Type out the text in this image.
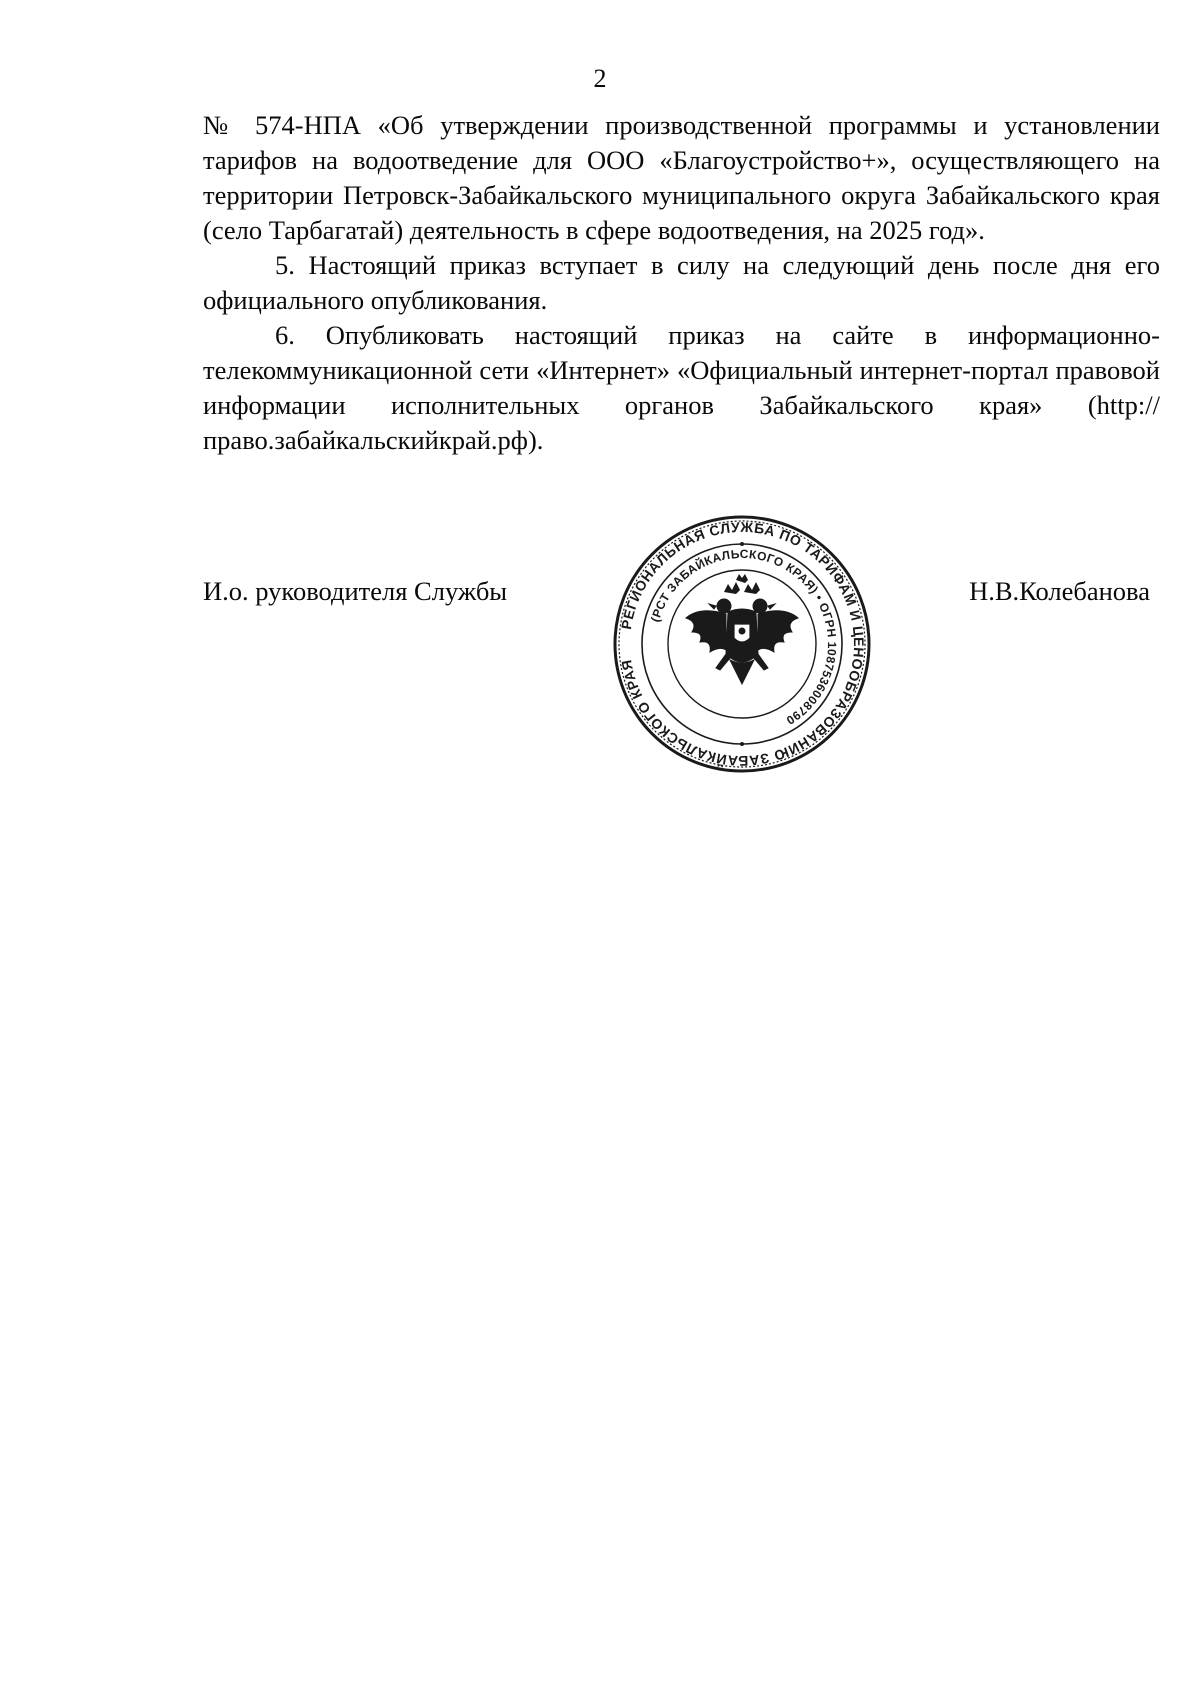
2

№ 574-НПА «Об утверждении производственной программы и установлении тарифов на водоотведение для ООО «Благоустройство+», осуществляющего на территории Петровск-Забайкальского муниципального округа Забайкальского края (село Тарбагатай) деятельность в сфере водоотведения, на 2025 год».

5. Настоящий приказ вступает в силу на следующий день после дня его официального опубликования.

6. Опубликовать настоящий приказ на сайте в информационно-телекоммуникационной сети «Интернет» «Официальный интернет-портал правовой информации исполнительных органов Забайкальского края» (http://право.забайкальскийкрай.рф).

И.о. руководителя Службы
РЕГИОНАЛЬНАЯ СЛУЖБА ПО ТАРИФАМ И ЦЕНООБРАЗОВАНИЮ ЗАБАЙКАЛЬСКОГО КРАЯ
(РСТ ЗАБАЙКАЛЬСКОГО КРАЯ) • ОГРН 1087536008790
Н.В.Колебанова
